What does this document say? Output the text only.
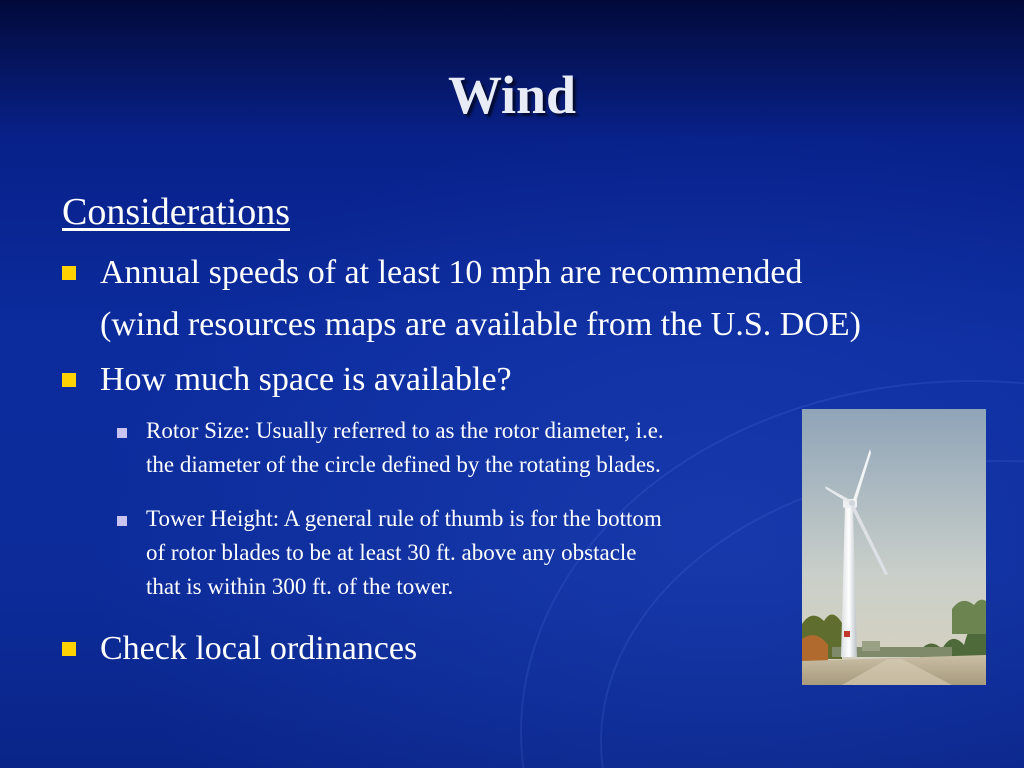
Wind
Considerations
Annual speeds of at least 10 mph are recommended
(wind resources maps are available from the U.S. DOE)
How much space is available?
Rotor Size: Usually referred to as the rotor diameter, i.e.
the diameter of the circle defined by the rotating blades.
Tower Height: A general rule of thumb is for the bottom
of rotor blades to be at least 30 ft. above any obstacle
that is within 300 ft. of the tower.
Check local ordinances
